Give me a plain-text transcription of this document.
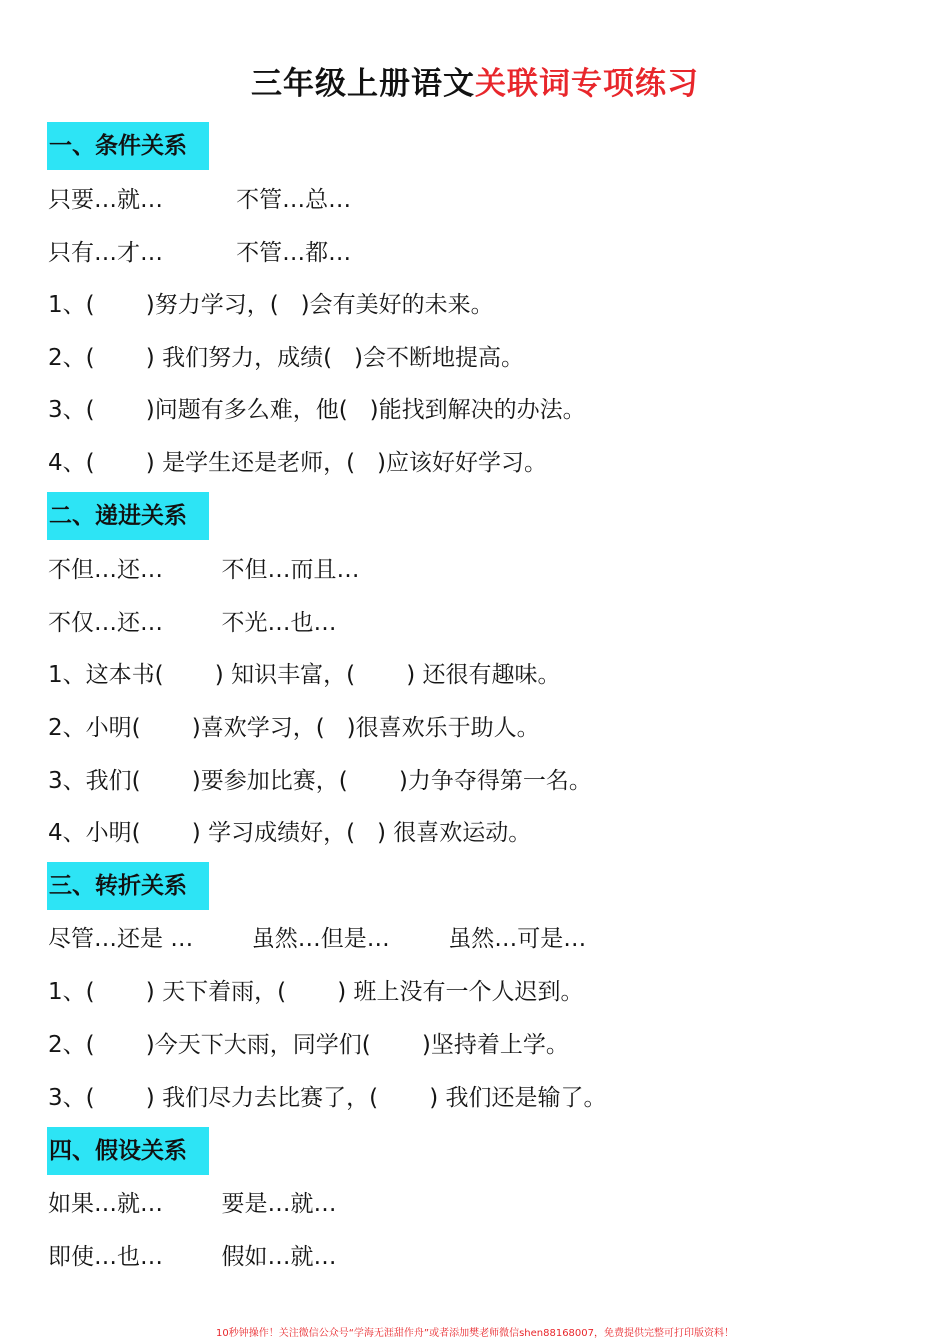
三年级上册语文关联词专项练习
一、条件关系
只要…就…          不管…总…
只有…才…          不管…都…
1、(       )努力学习，(   )会有美好的未来。
2、(       ) 我们努力，成绩(   )会不断地提高。
3、(       )问题有多么难，他(   )能找到解决的办法。
4、(       ) 是学生还是老师，(   )应该好好学习。
二、递进关系
不但…还…        不但…而且…
不仅…还…        不光…也…
1、这本书(       ) 知识丰富，(       ) 还很有趣味。
2、小明(       )喜欢学习，(   )很喜欢乐于助人。
3、我们(       )要参加比赛，(       )力争夺得第一名。
4、小明(       ) 学习成绩好，(   ) 很喜欢运动。
三、转折关系
尽管…还是 …        虽然…但是…        虽然…可是…
1、(       ) 天下着雨，(       ) 班上没有一个人迟到。
2、(       )今天下大雨，同学们(       )坚持着上学。
3、(       ) 我们尽力去比赛了，(       ) 我们还是输了。
四、假设关系
如果…就…        要是…就…
即使…也…        假如…就…
10秒钟操作！关注微信公众号“学海无涯甜作舟”或者添加樊老师微信shen88168007，免费提供完整可打印版资料！
